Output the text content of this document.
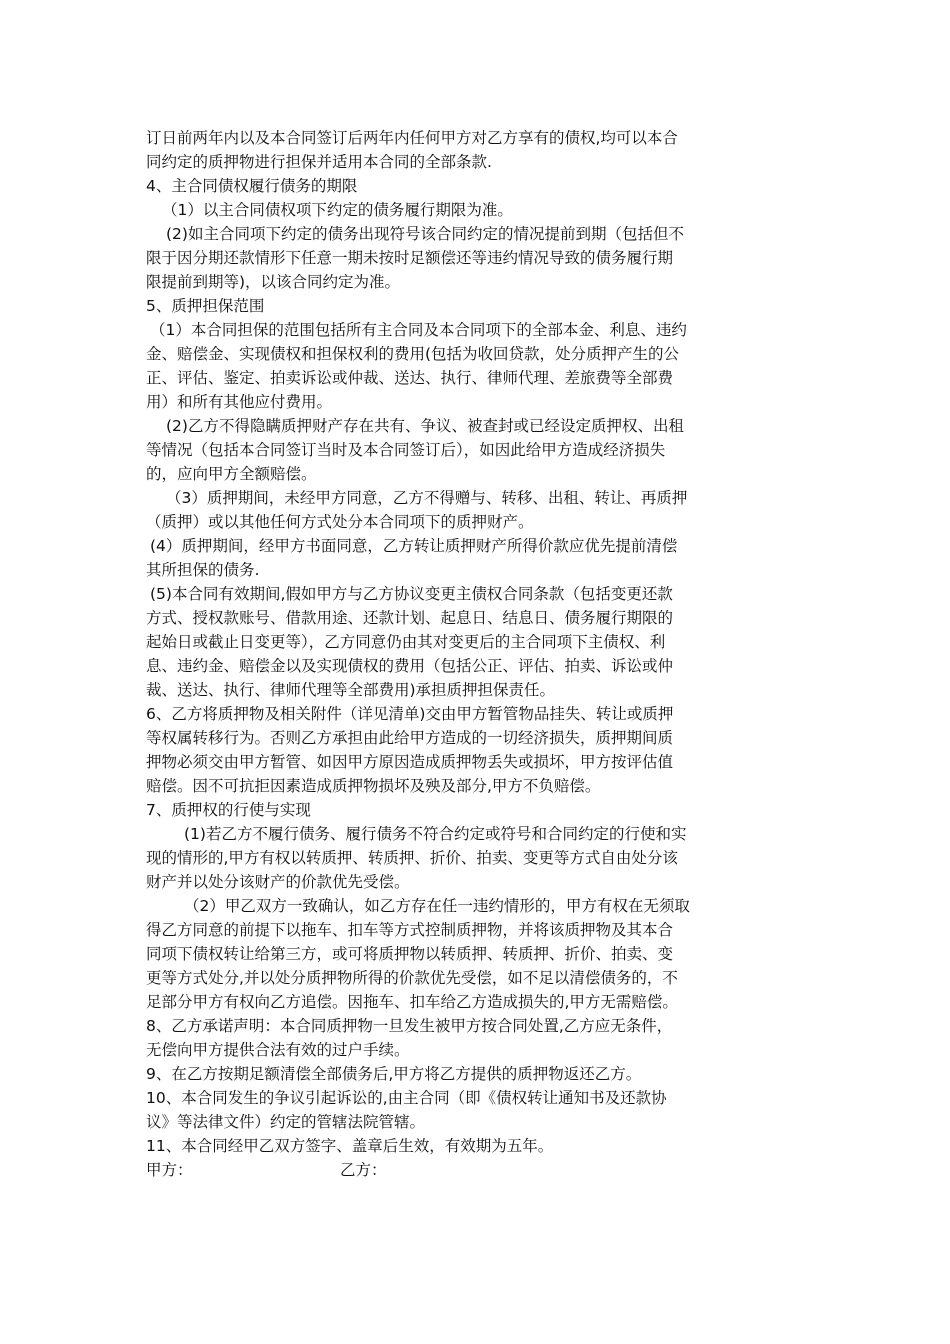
订日前两年内以及本合同签订后两年内任何甲方对乙方享有的债权,均可以本合
同约定的质押物进行担保并适用本合同的全部条款.
4、主合同债权履行债务的期限
（1）以主合同债权项下约定的债务履行期限为准。
(2)如主合同项下约定的债务出现符号该合同约定的情况提前到期（包括但不
限于因分期还款情形下任意一期未按时足额偿还等违约情况导致的债务履行期
限提前到期等)，以该合同约定为准。
5、质押担保范围
（1）本合同担保的范围包括所有主合同及本合同项下的全部本金、利息、违约
金、赔偿金、实现债权和担保权利的费用(包括为收回贷款，处分质押产生的公
正、评估、鉴定、拍卖诉讼或仲裁、送达、执行、律师代理、差旅费等全部费
用）和所有其他应付费用。
(2)乙方不得隐瞒质押财产存在共有、争议、被查封或已经设定质押权、出租
等情况（包括本合同签订当时及本合同签订后），如因此给甲方造成经济损失
的，应向甲方全额赔偿。
（3）质押期间，未经甲方同意，乙方不得赠与、转移、出租、转让、再质押
（质押）或以其他任何方式处分本合同项下的质押财产。
(4）质押期间，经甲方书面同意，乙方转让质押财产所得价款应优先提前清偿
其所担保的债务.
(5)本合同有效期间,假如甲方与乙方协议变更主债权合同条款（包括变更还款
方式、授权款账号、借款用途、还款计划、起息日、结息日、债务履行期限的
起始日或截止日变更等），乙方同意仍由其对变更后的主合同项下主债权、利
息、违约金、赔偿金以及实现债权的费用（包括公正、评估、拍卖、诉讼或仲
裁、送达、执行、律师代理等全部费用)承担质押担保责任。
6、乙方将质押物及相关附件（详见清单)交由甲方暂管物品挂失、转让或质押
等权属转移行为。否则乙方承担由此给甲方造成的一切经济损失，质押期间质
押物必须交由甲方暂管、如因甲方原因造成质押物丢失或损坏，甲方按评估值
赔偿。因不可抗拒因素造成质押物损坏及殃及部分,甲方不负赔偿。
7、质押权的行使与实现
(1)若乙方不履行债务、履行债务不符合约定或符号和合同约定的行使和实
现的情形的,甲方有权以转质押、转质押、折价、拍卖、变更等方式自由处分该
财产并以处分该财产的价款优先受偿。
（2）甲乙双方一致确认，如乙方存在任一违约情形的，甲方有权在无须取
得乙方同意的前提下以拖车、扣车等方式控制质押物，并将该质押物及其本合
同项下债权转让给第三方，或可将质押物以转质押、转质押、折价、拍卖、变
更等方式处分,并以处分质押物所得的价款优先受偿，如不足以清偿债务的，不
足部分甲方有权向乙方追偿。因拖车、扣车给乙方造成损失的,甲方无需赔偿。
8、乙方承诺声明：本合同质押物一旦发生被甲方按合同处置,乙方应无条件，
无偿向甲方提供合法有效的过户手续。
9、在乙方按期足额清偿全部债务后,甲方将乙方提供的质押物返还乙方。
10、本合同发生的争议引起诉讼的,由主合同（即《债权转让通知书及还款协
议》等法律文件）约定的管辖法院管辖。
11、本合同经甲乙双方签字、盖章后生效，有效期为五年。
甲方：	乙方：
